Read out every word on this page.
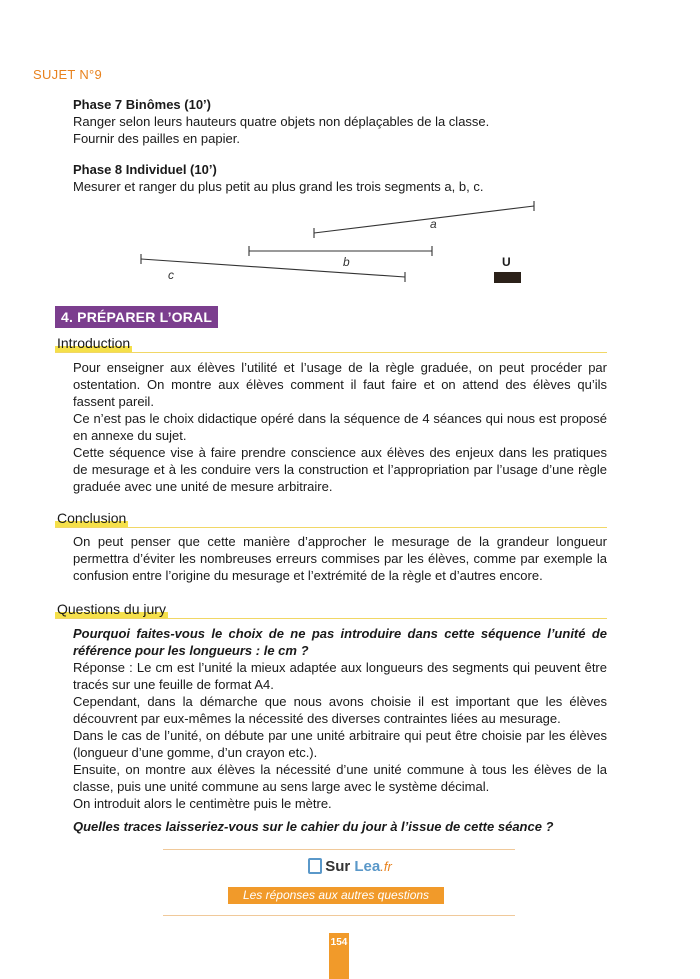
SUJET N°9
Phase 7 Binômes (10’)
Ranger selon leurs hauteurs quatre objets non déplaçables de la classe.
Fournir des pailles en papier.
Phase 8 Individuel (10’)
Mesurer et ranger du plus petit au plus grand les trois segments a, b, c.
a
b
c
U
4. PRÉPARER L’ORAL
Introduction

Pour enseigner aux élèves l’utilité et l’usage de la règle graduée, on peut procéder par ostentation. On montre aux élèves comment il faut faire et on attend des élèves qu’ils fassent pareil.

Ce n’est pas le choix didactique opéré dans la séquence de 4 séances qui nous est proposé en annexe du sujet.

Cette séquence vise à faire prendre conscience aux élèves des enjeux dans les pratiques de mesurage et à les conduire vers la construction et l’appropriation par l’usage d’une règle graduée avec une unité de mesure arbitraire.

Conclusion

On peut penser que cette manière d’approcher le mesurage de la grandeur longueur permettra d’éviter les nombreuses erreurs commises par les élèves, comme par exemple la confusion entre l’origine du mesurage et l’extrémité de la règle et d’autres encore.

Questions du jury

Pourquoi faites-vous le choix de ne pas introduire dans cette séquence l’unité de référence pour les longueurs : le cm ?

Réponse : Le cm est l’unité la mieux adaptée aux longueurs des segments qui peuvent être tracés sur une feuille de format A4.

Cependant, dans la démarche que nous avons choisie il est important que les élèves découvrent par eux-mêmes la nécessité des diverses contraintes liées au mesurage.

Dans le cas de l’unité, on débute par une unité arbitraire qui peut être choisie par les élèves (longueur d’une gomme, d’un crayon etc.).

Ensuite, on montre aux élèves la nécessité d’une unité commune à tous les élèves de la classe, puis une unité commune au sens large avec le système décimal.

On introduit alors le centimètre puis le mètre.

Quelles traces laisseriez-vous sur le cahier du jour à l’issue de cette séance ?

Sur Lea.fr
Les réponses aux autres questions
154
